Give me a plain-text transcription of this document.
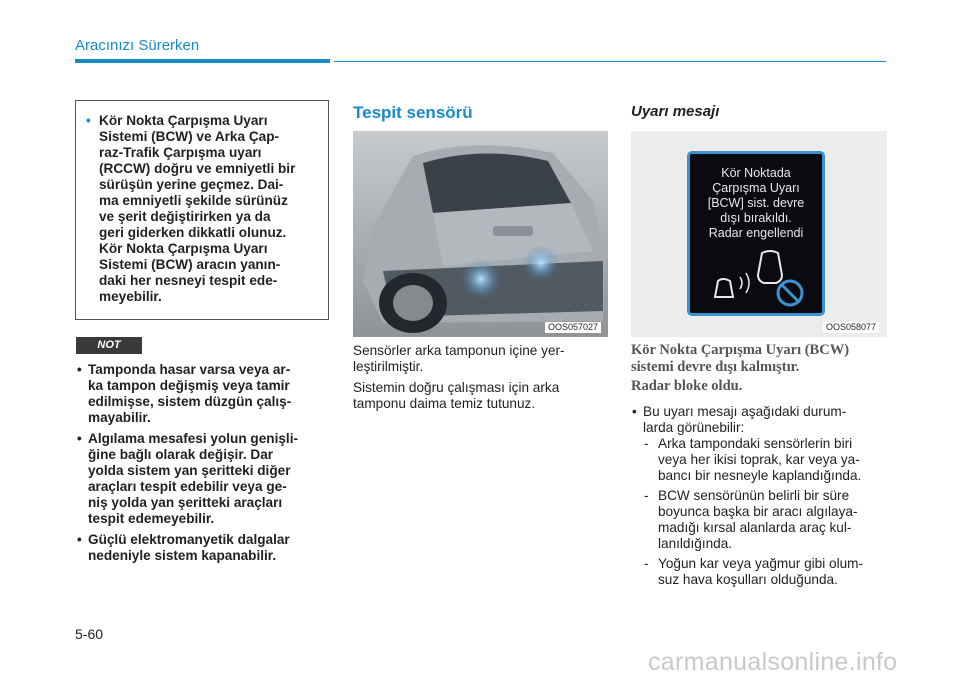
Aracınızı Sürerken

• Kör Nokta Çarpışma Uyarı
Sistemi (BCW) ve Arka Çap-
raz-Trafik Çarpışma uyarı
(RCCW) doğru ve emniyetli bir
sürüşün yerine geçmez. Dai-
ma emniyetli şekilde sürünüz
ve şerit değiştirirken ya da
geri giderken dikkatli olunuz.
Kör Nokta Çarpışma Uyarı
Sistemi (BCW) aracın yanın-
daki her nesneyi tespit ede-
meyebilir.

NOT
• Tamponda hasar varsa veya ar-
ka tampon değişmiş veya tamir
edilmişse, sistem düzgün çalış-
mayabilir.
• Algılama mesafesi yolun genişli-
ğine bağlı olarak değişir. Dar
yolda sistem yan şeritteki diğer
araçları tespit edebilir veya ge-
niş yolda yan şeritteki araçları
tespit edemeyebilir.
• Güçlü elektromanyetik dalgalar
nedeniyle sistem kapanabilir.
Tespit sensörü
OOS057027

Sensörler arka tamponun içine yer-
leştirilmiştir.

Sistemin doğru çalışması için arka
tamponu daima temiz tutunuz.

Uyarı mesajı
Kör Noktada
Çarpışma Uyarı
[BCW] sist. devre
dışı bırakıldı.
Radar engellendi
OOS058077

Kör Nokta Çarpışma Uyarı (BCW)
sistemi devre dışı kalmıştır.

Radar bloke oldu.

• Bu uyarı mesajı aşağıdaki durum-
larda görünebilir:

- Arka tampondaki sensörlerin biri
veya her ikisi toprak, kar veya ya-
bancı bir nesneyle kaplandığında.
- BCW sensörünün belirli bir süre
boyunca başka bir aracı algılaya-
madığı kırsal alanlarda araç kul-
lanıldığında.
- Yoğun kar veya yağmur gibi olum-
suz hava koşulları olduğunda.
5-60
carmanualsonline.info
